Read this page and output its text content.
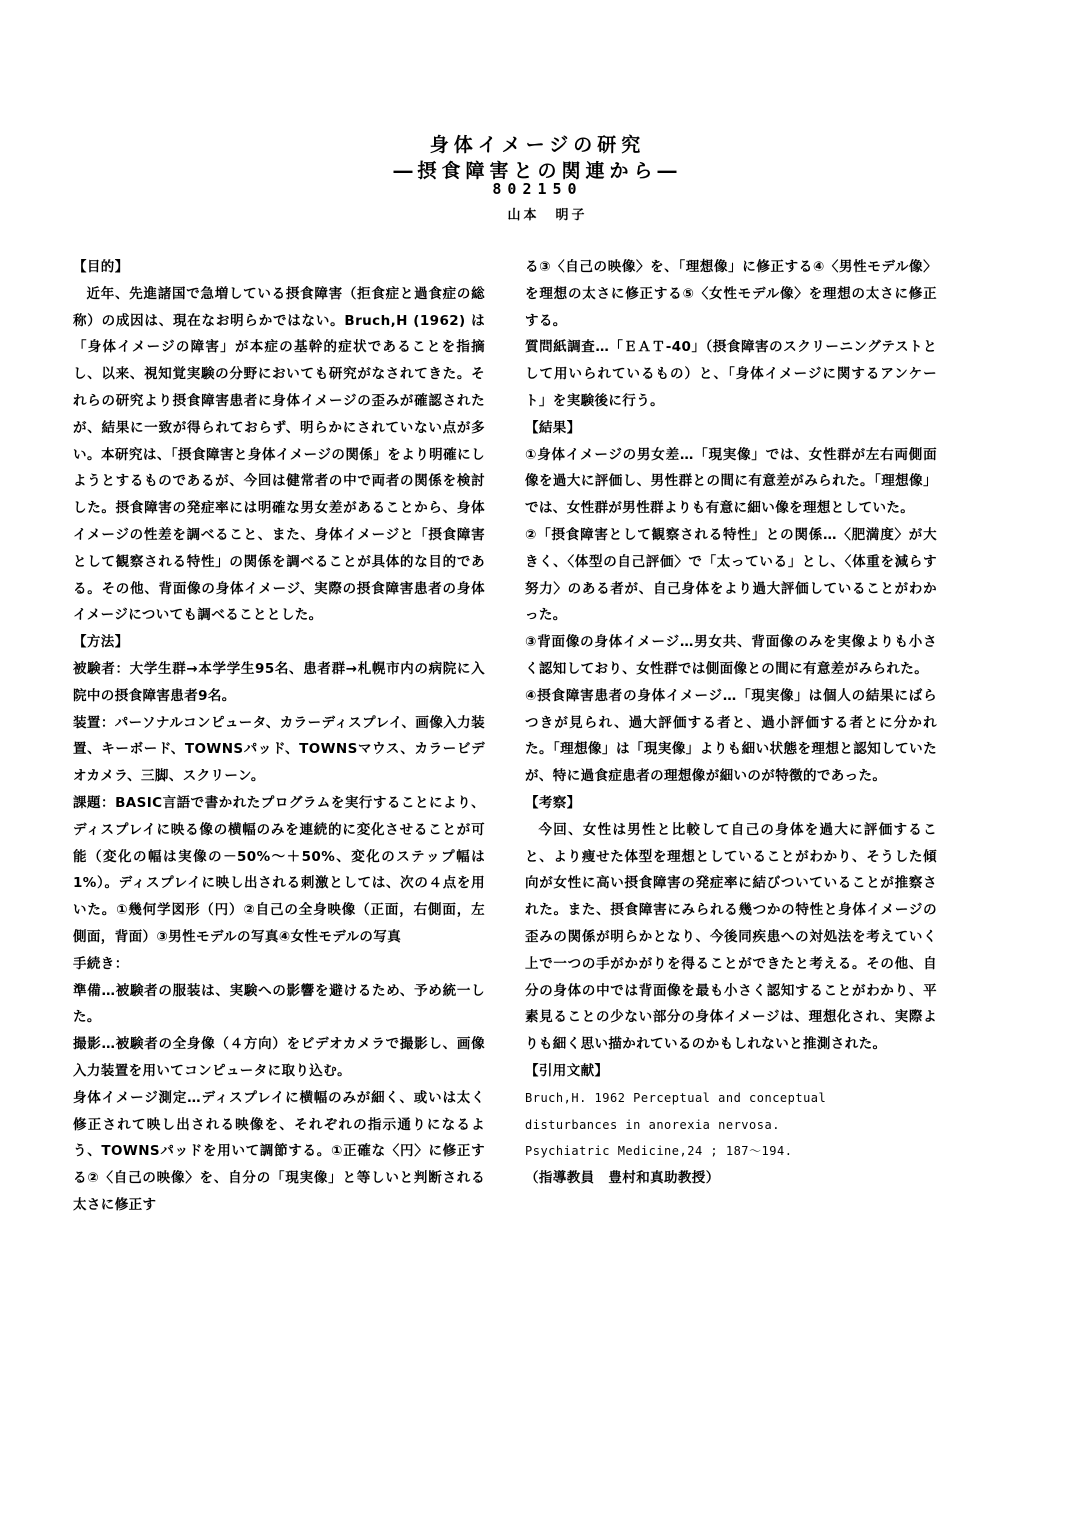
身体イメージの研究
―摂食障害との関連から―
802150
山本　明子

【目的】

近年、先進諸国で急増している摂食障害（拒食症と過食症の総称）の成因は、現在なお明らかではない。Bruch,H (1962) は「身体イメージの障害」が本症の基幹的症状であることを指摘し、以来、視知覚実験の分野においても研究がなされてきた。それらの研究より摂食障害患者に身体イメージの歪みが確認されたが、結果に一致が得られておらず、明らかにされていない点が多い。本研究は、「摂食障害と身体イメージの関係」をより明確にしようとするものであるが、今回は健常者の中で両者の関係を検討した。摂食障害の発症率には明確な男女差があることから、身体イメージの性差を調べること、また、身体イメージと「摂食障害として観察される特性」の関係を調べることが具体的な目的である。その他、背面像の身体イメージ、実際の摂食障害患者の身体イメージについても調べることとした。

【方法】

被験者：大学生群→本学学生95名、患者群→札幌市内の病院に入院中の摂食障害患者9名。

装置：パーソナルコンピュータ、カラーディスプレイ、画像入力装置、キーボード、TOWNSパッド、TOWNSマウス、カラービデオカメラ、三脚、スクリーン。

課題：BASIC言語で書かれたプログラムを実行することにより、ディスプレイに映る像の横幅のみを連続的に変化させることが可能（変化の幅は実像の－50%～＋50%、変化のステップ幅は1%）。ディスプレイに映し出される刺激としては、次の４点を用いた。①幾何学図形（円）②自己の全身映像（正面，右側面，左側面，背面）③男性モデルの写真④女性モデルの写真

手続き：

準備…被験者の服装は、実験への影響を避けるため、予め統一した。

撮影…被験者の全身像（４方向）をビデオカメラで撮影し、画像入力装置を用いてコンピュータに取り込む。

身体イメージ測定…ディスプレイに横幅のみが細く、或いは太く修正されて映し出される映像を、それぞれの指示通りになるよう、TOWNSパッドを用いて調節する。①正確な〈円〉に修正する②〈自己の映像〉を、自分の「現実像」と等しいと判断される太さに修正す

る③〈自己の映像〉を、「理想像」に修正する④〈男性モデル像〉を理想の太さに修正する⑤〈女性モデル像〉を理想の太さに修正する。

質問紙調査…「ＥＡＴ-40」（摂食障害のスクリーニングテストとして用いられているもの）と、「身体イメージに関するアンケート」を実験後に行う。

【結果】

①身体イメージの男女差…「現実像」では、女性群が左右両側面像を過大に評価し、男性群との間に有意差がみられた。「理想像」では、女性群が男性群よりも有意に細い像を理想としていた。

②「摂食障害として観察される特性」との関係…〈肥満度〉が大きく、〈体型の自己評価〉で「太っている」とし、〈体重を減らす努力〉のある者が、自己身体をより過大評価していることがわかった。

③背面像の身体イメージ…男女共、背面像のみを実像よりも小さく認知しており、女性群では側面像との間に有意差がみられた。

④摂食障害患者の身体イメージ…「現実像」は個人の結果にばらつきが見られ、過大評価する者と、過小評価する者とに分かれた。「理想像」は「現実像」よりも細い状態を理想と認知していたが、特に過食症患者の理想像が細いのが特徴的であった。

【考察】

今回、女性は男性と比較して自己の身体を過大に評価すること、より痩せた体型を理想としていることがわかり、そうした傾向が女性に高い摂食障害の発症率に結びついていることが推察された。また、摂食障害にみられる幾つかの特性と身体イメージの歪みの関係が明らかとなり、今後同疾患への対処法を考えていく上で一つの手がかがりを得ることができたと考える。その他、自分の身体の中では背面像を最も小さく認知することがわかり、平素見ることの少ない部分の身体イメージは、理想化され、実際よりも細く思い描かれているのかもしれないと推測された。

【引用文献】

Bruch,H. 1962 Perceptual and conceptual

disturbances in anorexia nervosa.

Psychiatric Medicine,24 ; 187～194.

（指導教員　豊村和真助教授）
